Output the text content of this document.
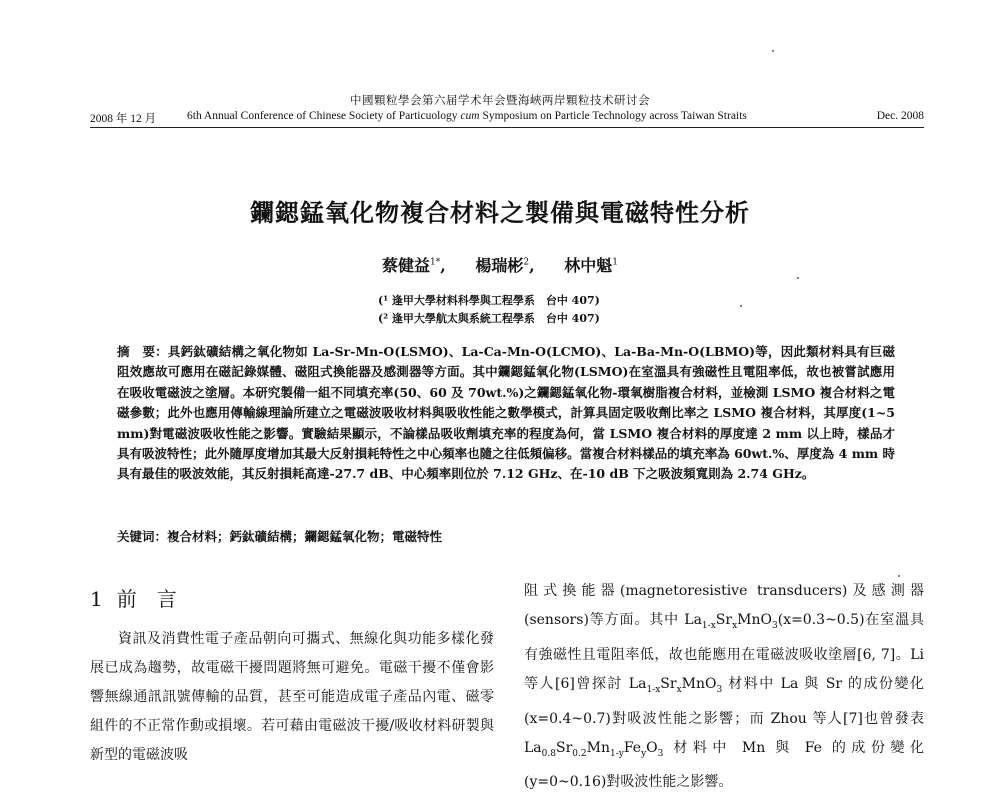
中國顆粒學会第六届学术年会暨海峽两岸顆粒技术研讨会
2008 年 12 月	6th Annual Conference of Chinese Society of Particuology cum Symposium on Particle Technology across Taiwan Straits	Dec. 2008
鑭鍶錳氧化物複合材料之製備與電磁特性分析
蔡健益$^{1*}$, 楊瑞彬$^2$, 林中魁$^1$
(¹ 逢甲大學材料科學與工程學系　台中 407)
(² 逢甲大學航太與系統工程學系　台中 407)
摘　要：具鈣鈦礦結構之氧化物如 La-Sr-Mn-O(LSMO)、La-Ca-Mn-O(LCMO)、La-Ba-Mn-O(LBMO)等，因此類材料具有巨磁阻效應故可應用在磁記錄媒體、磁阻式換能器及感測器等方面。其中鑭鍶錳氧化物(LSMO)在室溫具有強磁性且電阻率低，故也被嘗試應用在吸收電磁波之塗層。本研究製備一組不同填充率(50、60 及 70wt.%)之鑭鍶錳氧化物-環氧樹脂複合材料，並檢測 LSMO 複合材料之電磁參數；此外也應用傳輸線理論所建立之電磁波吸收材料與吸收性能之數學模式，計算具固定吸收劑比率之 LSMO 複合材料，其厚度(1~5 mm)對電磁波吸收性能之影響。實驗結果顯示，不論樣品吸收劑填充率的程度為何，當 LSMO 複合材料的厚度達 2 mm 以上時，樣品才具有吸波特性；此外隨厚度增加其最大反射損耗特性之中心頻率也隨之往低頻偏移。當複合材料樣品的填充率為 60wt.%、厚度為 4 mm 時具有最佳的吸波效能，其反射損耗高達-27.7 dB、中心頻率則位於 7.12 GHz、在-10 dB 下之吸波頻寬則為 2.74 GHz。
关键词：複合材料；鈣鈦礦結構；鑭鍶錳氧化物；電磁特性
1 前　言
資訊及消費性電子產品朝向可攜式、無線化與功能多樣化發展已成為趨勢，故電磁干擾問題將無可避免。電磁干擾不僅會影響無線通訊訊號傳輸的品質，甚至可能造成電子產品內電、磁零組件的不正常作動或損壞。若可藉由電磁波干擾/吸收材料研製與新型的電磁波吸
阻式換能器(magnetoresistive transducers)及感測器(sensors)等方面。其中 $La_{1-x}Sr_xMnO_3(x=0.3\sim 0.5)$在室溫具有強磁性且電阻率低，故也能應用在電磁波吸收塗層[6, 7]。Li 等人[6]曾探討 $La_{1-x}Sr_xMnO_3$ 材料中 La 與 Sr 的成份變化(x=0.4~0.7)對吸波性能之影響；而 Zhou 等人[7]也曾發表 $La_{0.8}Sr_{0.2}Mn_{1-y}Fe_yO_3$ 材料中 Mn 與 Fe 的成份變化(y=0~0.16)對吸波性能之影響。
